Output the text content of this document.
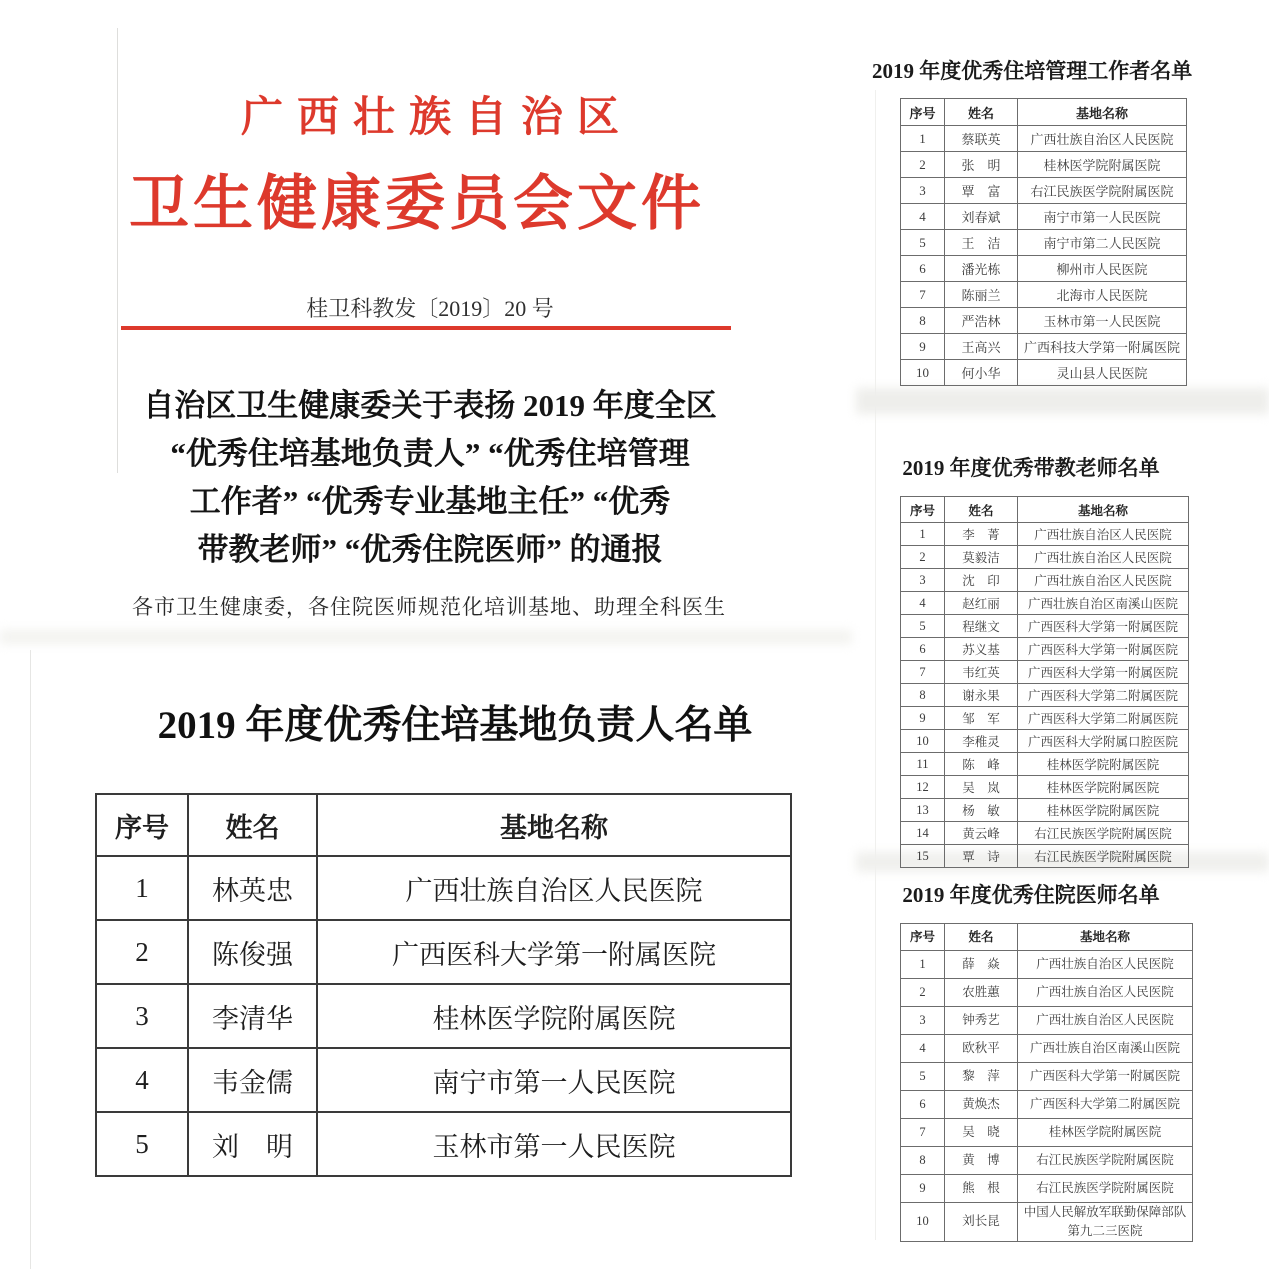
广西壮族自治区
卫生健康委员会文件
桂卫科教发〔2019〕20 号
自治区卫生健康委关于表扬 2019 年度全区
“优秀住培基地负责人” “优秀住培管理
工作者” “优秀专业基地主任” “优秀
带教老师” “优秀住院医师” 的通报
各市卫生健康委，各住院医师规范化培训基地、助理全科医生
2019 年度优秀住培基地负责人名单
序号	姓名	基地名称
1	林英忠	广西壮族自治区人民医院
2	陈俊强	广西医科大学第一附属医院
3	李清华	桂林医学院附属医院
4	韦金儒	南宁市第一人民医院
5	刘　明	玉林市第一人民医院
2019 年度优秀住培管理工作者名单
序号	姓名	基地名称
1	蔡联英	广西壮族自治区人民医院
2	张　明	桂林医学院附属医院
3	覃　富	右江民族医学院附属医院
4	刘春斌	南宁市第一人民医院
5	王　洁	南宁市第二人民医院
6	潘光栋	柳州市人民医院
7	陈丽兰	北海市人民医院
8	严浩林	玉林市第一人民医院
9	王高兴	广西科技大学第一附属医院
10	何小华	灵山县人民医院
2019 年度优秀带教老师名单
序号	姓名	基地名称
1	李　菁	广西壮族自治区人民医院
2	莫毅洁	广西壮族自治区人民医院
3	沈　印	广西壮族自治区人民医院
4	赵红丽	广西壮族自治区南溪山医院
5	程继文	广西医科大学第一附属医院
6	苏义基	广西医科大学第一附属医院
7	韦红英	广西医科大学第一附属医院
8	谢永果	广西医科大学第二附属医院
9	邹　军	广西医科大学第二附属医院
10	李稚灵	广西医科大学附属口腔医院
11	陈　峰	桂林医学院附属医院
12	吴　岚	桂林医学院附属医院
13	杨　敏	桂林医学院附属医院
14	黄云峰	右江民族医学院附属医院
15	覃　诗	右江民族医学院附属医院
2019 年度优秀住院医师名单
序号	姓名	基地名称
1	薛　焱	广西壮族自治区人民医院
2	农胜蕙	广西壮族自治区人民医院
3	钟秀艺	广西壮族自治区人民医院
4	欧秋平	广西壮族自治区南溪山医院
5	黎　萍	广西医科大学第一附属医院
6	黄焕杰	广西医科大学第二附属医院
7	吴　晓	桂林医学院附属医院
8	黄　博	右江民族医学院附属医院
9	熊　根	右江民族医学院附属医院
10	刘长昆	中国人民解放军联勤保障部队第九二三医院
